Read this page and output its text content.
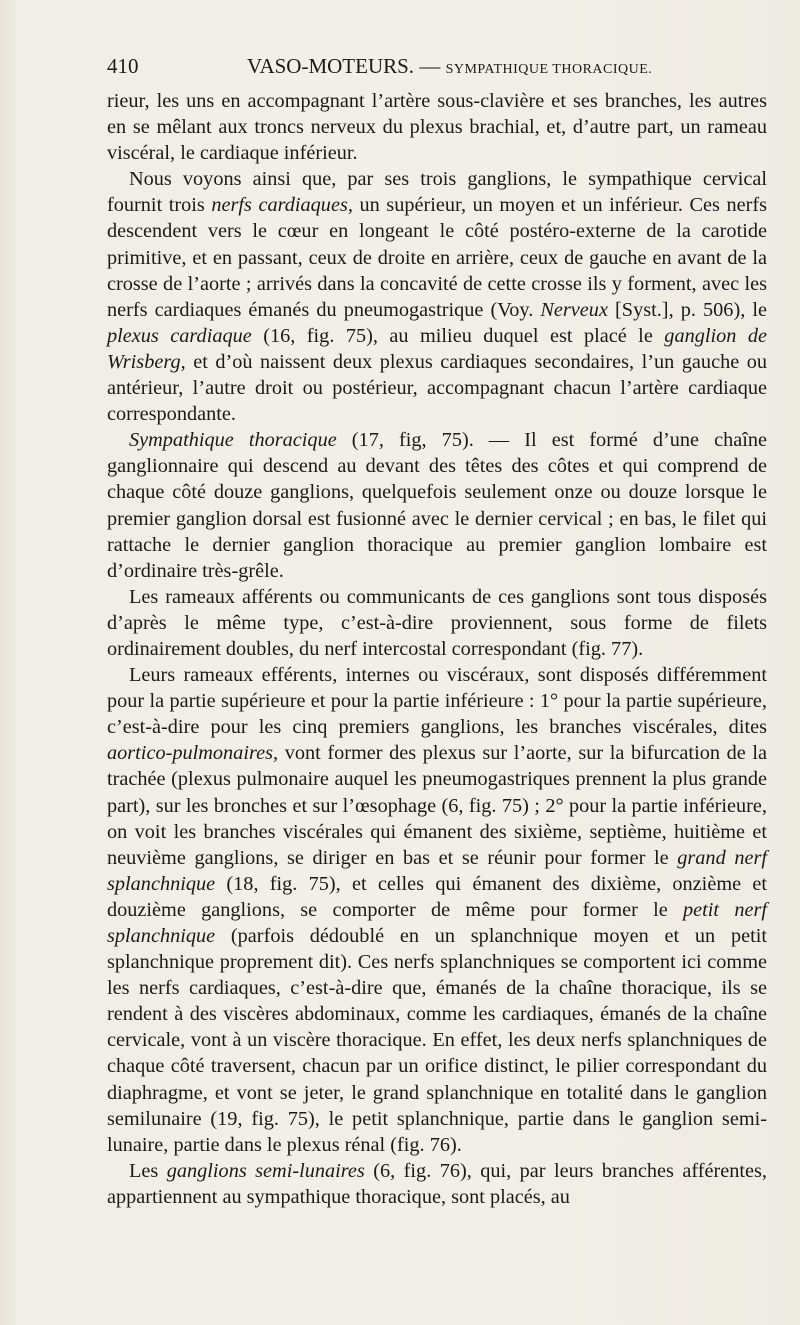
410	VASO-MOTEURS. — SYMPATHIQUE THORACIQUE.

rieur, les uns en accompagnant l’artère sous-clavière et ses branches, les autres en se mêlant aux troncs nerveux du plexus brachial, et, d’autre part, un rameau viscéral, le cardiaque inférieur.

Nous voyons ainsi que, par ses trois ganglions, le sympathique cervical fournit trois nerfs cardiaques, un supérieur, un moyen et un inférieur. Ces nerfs descendent vers le cœur en longeant le côté postéro-externe de la carotide primitive, et en passant, ceux de droite en arrière, ceux de gauche en avant de la crosse de l’aorte ; arrivés dans la concavité de cette crosse ils y forment, avec les nerfs cardiaques émanés du pneumogastrique (Voy. Nerveux [Syst.], p. 506), le plexus cardiaque (16, fig. 75), au milieu duquel est placé le ganglion de Wrisberg, et d’où naissent deux plexus cardiaques secondaires, l’un gauche ou antérieur, l’autre droit ou postérieur, accompagnant chacun l’artère cardiaque correspondante.

Sympathique thoracique (17, fig, 75). — Il est formé d’une chaîne ganglionnaire qui descend au devant des têtes des côtes et qui comprend de chaque côté douze ganglions, quelquefois seulement onze ou douze lorsque le premier ganglion dorsal est fusionné avec le dernier cervical ; en bas, le filet qui rattache le dernier ganglion thoracique au premier ganglion lombaire est d’ordinaire très-grêle.

Les rameaux afférents ou communicants de ces ganglions sont tous disposés d’après le même type, c’est-à-dire proviennent, sous forme de filets ordinairement doubles, du nerf intercostal correspondant (fig. 77).

Leurs rameaux efférents, internes ou viscéraux, sont disposés différemment pour la partie supérieure et pour la partie inférieure : 1° pour la partie supérieure, c’est-à-dire pour les cinq premiers ganglions, les branches viscérales, dites aortico-pulmonaires, vont former des plexus sur l’aorte, sur la bifurcation de la trachée (plexus pulmonaire auquel les pneumogastriques prennent la plus grande part), sur les bronches et sur l’œsophage (6, fig. 75) ; 2° pour la partie inférieure, on voit les branches viscérales qui émanent des sixième, septième, huitième et neuvième ganglions, se diriger en bas et se réunir pour former le grand nerf splanchnique (18, fig. 75), et celles qui émanent des dixième, onzième et douzième ganglions, se comporter de même pour former le petit nerf splanchnique (parfois dédoublé en un splanchnique moyen et un petit splanchnique proprement dit). Ces nerfs splanchniques se comportent ici comme les nerfs cardiaques, c’est-à-dire que, émanés de la chaîne thoracique, ils se rendent à des viscères abdominaux, comme les cardiaques, émanés de la chaîne cervicale, vont à un viscère thoracique. En effet, les deux nerfs splanchniques de chaque côté traversent, chacun par un orifice distinct, le pilier correspondant du diaphragme, et vont se jeter, le grand splanchnique en totalité dans le ganglion semilunaire (19, fig. 75), le petit splanchnique, partie dans le ganglion semi-lunaire, partie dans le plexus rénal (fig. 76).

Les ganglions semi-lunaires (6, fig. 76), qui, par leurs branches afférentes, appartiennent au sympathique thoracique, sont placés, au
